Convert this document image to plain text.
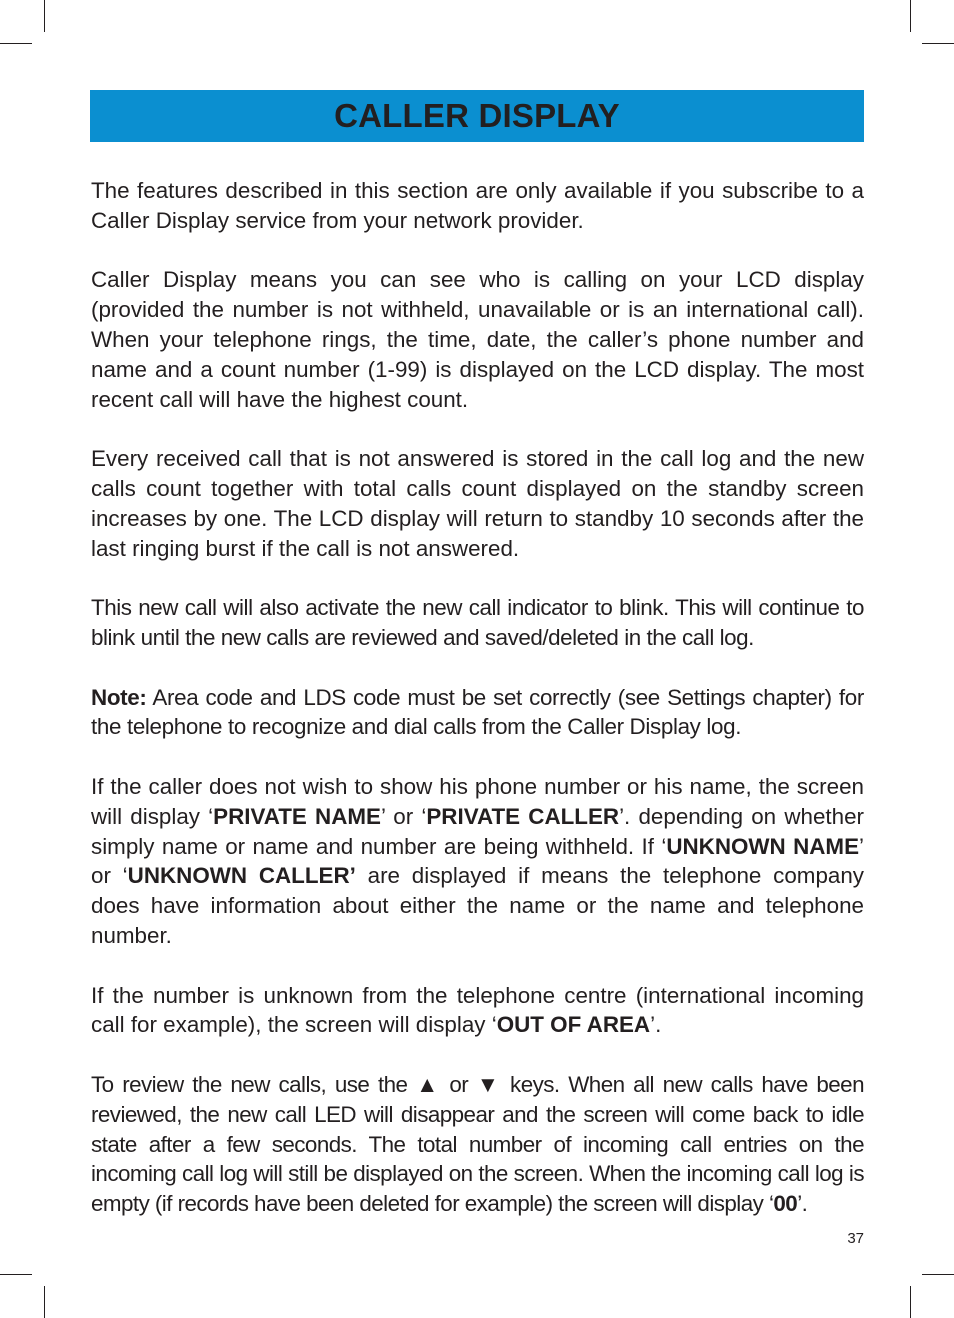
CALLER DISPLAY

The features described in this section are only available if you subscribe to a Caller Display service from your network provider.

Caller Display means you can see who is calling on your LCD display (provided the number is not withheld, unavailable or is an international call). When your telephone rings, the time, date, the caller’s phone number and name and a count number (1-99) is displayed on the LCD display. The most recent call will have the highest count.

Every received call that is not answered is stored in the call log and the new calls count together with total calls count displayed on the standby screen increases by one. The LCD display will return to standby 10 seconds after the last ringing burst if the call is not answered.

This new call will also activate the new call indicator to blink. This will continue to blink until the new calls are reviewed and saved/deleted in the call log.

Note: Area code and LDS code must be set correctly (see Settings chapter) for the telephone to recognize and dial calls from the Caller Display log.

If the caller does not wish to show his phone number or his name, the screen will display ‘PRIVATE NAME’ or ‘PRIVATE CALLER’. depending on whether simply name or name and number are being withheld. If ‘UNKNOWN NAME’ or ‘UNKNOWN CALLER’ are displayed if means the telephone company does have information about either the name or the name and telephone number.

If the number is unknown from the telephone centre (international incoming call for example), the screen will display ‘OUT OF AREA’.

To review the new calls, use the ▲ or ▼ keys. When all new calls have been reviewed, the new call LED will disappear and the screen will come back to idle state after a few seconds. The total number of incoming call entries on the incoming call log will still be displayed on the screen. When the incoming call log is empty (if records have been deleted for example) the screen will display ‘00’.

37
